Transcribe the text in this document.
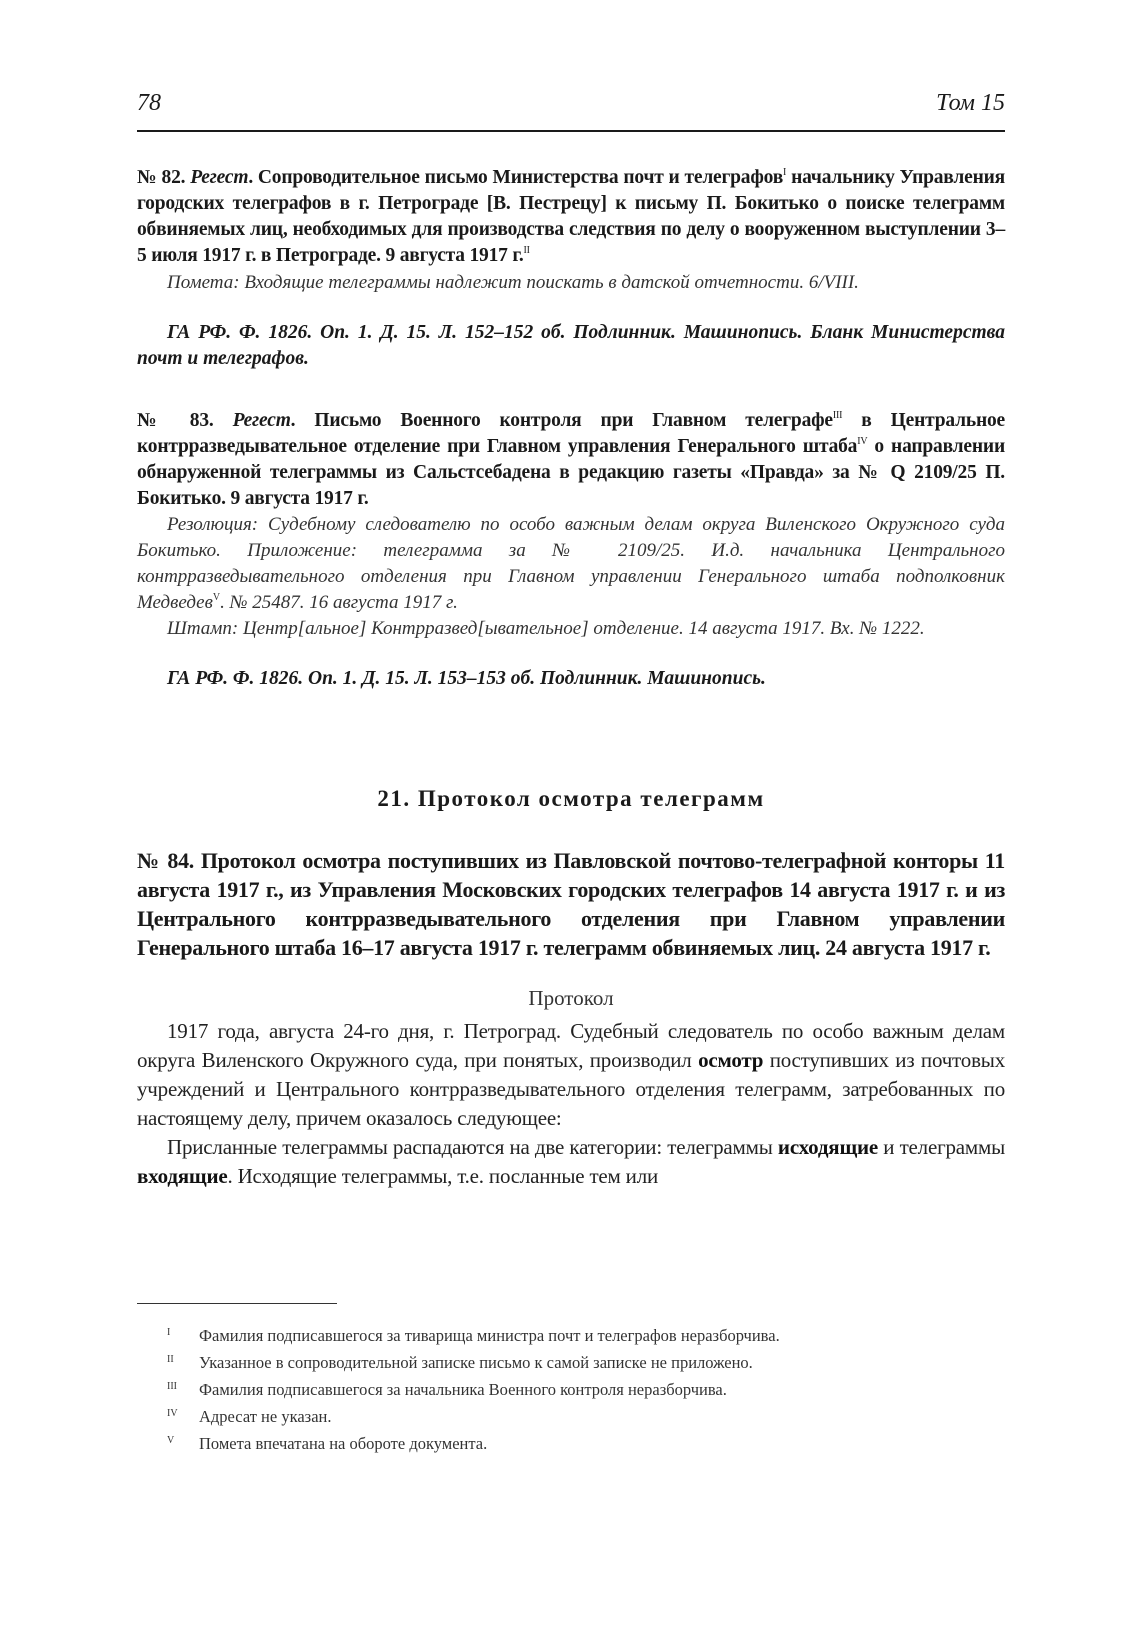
78	Том 15
№ 82. Регест. Сопроводительное письмо Министерства почт и телеграфов$^I$ начальнику Управления городских телеграфов в г. Петрограде [В. Пестрецу] к письму П. Бокитько о поиске телеграмм обвиняемых лиц, необходимых для производства следствия по делу о вооруженном выступлении 3–5 июля 1917 г. в Петрограде. 9 августа 1917 г.$^{II}$
Помета: Входящие телеграммы надлежит поискать в датской отчетности. 6/VIII.
ГА РФ. Ф. 1826. Оп. 1. Д. 15. Л. 152–152 об. Подлинник. Машинопись. Бланк Министерства почт и телеграфов.
№ 83. Регест. Письмо Военного контроля при Главном телеграфе$^{III}$ в Центральное контрразведывательное отделение при Главном управления Генерального штаба$^{IV}$ о направлении обнаруженной телеграммы из Сальстсебадена в редакцию газеты «Правда» за № Q 2109/25 П. Бокитько. 9 августа 1917 г.
Резолюция: Судебному следователю по особо важным делам округа Виленского Окружного суда Бокитько. Приложение: телеграмма за № 2109/25. И.д. начальника Центрального контрразведывательного отделения при Главном управлении Генерального штаба подполковник Медведев$^V$. № 25487. 16 августа 1917 г.
Штамп: Центр[альное] Контрразвед[ывательное] отделение. 14 августа 1917. Вх. № 1222.
ГА РФ. Ф. 1826. Оп. 1. Д. 15. Л. 153–153 об. Подлинник. Машинопись.
21. Протокол осмотра телеграмм
№ 84. Протокол осмотра поступивших из Павловской почтово-телеграфной конторы 11 августа 1917 г., из Управления Московских городских телеграфов 14 августа 1917 г. и из Центрального контрразведывательного отделения при Главном управлении Генерального штаба 16–17 августа 1917 г. телеграмм обвиняемых лиц. 24 августа 1917 г.
Протокол
1917 года, августа 24-го дня, г. Петроград. Судебный следователь по особо важным делам округа Виленского Окружного суда, при понятых, производил осмотр поступивших из почтовых учреждений и Центрального контрразведывательного отделения телеграмм, затребованных по настоящему делу, причем оказалось следующее:
Присланные телеграммы распадаются на две категории: телеграммы исходящие и телеграммы входящие. Исходящие телеграммы, т.е. посланные тем или
I Фамилия подписавшегося за тиварища министра почт и телеграфов неразборчива.
II Указанное в сопроводительной записке письмо к самой записке не приложено.
III Фамилия подписавшегося за начальника Военного контроля неразборчива.
IV Адресат не указан.
V Помета впечатана на обороте документа.
